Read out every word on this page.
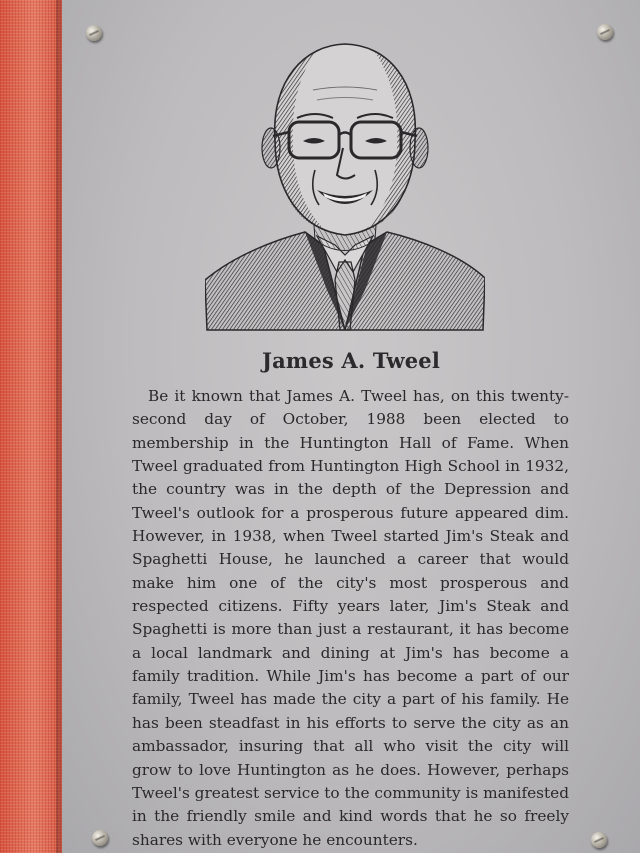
James A. Tweel

Be it known that James A. Tweel has, on this twenty-second day of October, 1988 been elected to membership in the Huntington Hall of Fame. When Tweel graduated from Huntington High School in 1932, the country was in the depth of the Depression and Tweel's outlook for a prosperous future appeared dim. However, in 1938, when Tweel started Jim's Steak and Spaghetti House, he launched a career that would make him one of the city's most prosperous and respected citizens. Fifty years later, Jim's Steak and Spaghetti is more than just a restaurant, it has become a local landmark and dining at Jim's has become a family tradition. While Jim's has become a part of our family, Tweel has made the city a part of his family. He has been steadfast in his efforts to serve the city as an ambassador, insuring that all who visit the city will grow to love Huntington as he does. However, perhaps Tweel's greatest service to the community is manifested in the friendly smile and kind words that he so freely shares with everyone he encounters.
